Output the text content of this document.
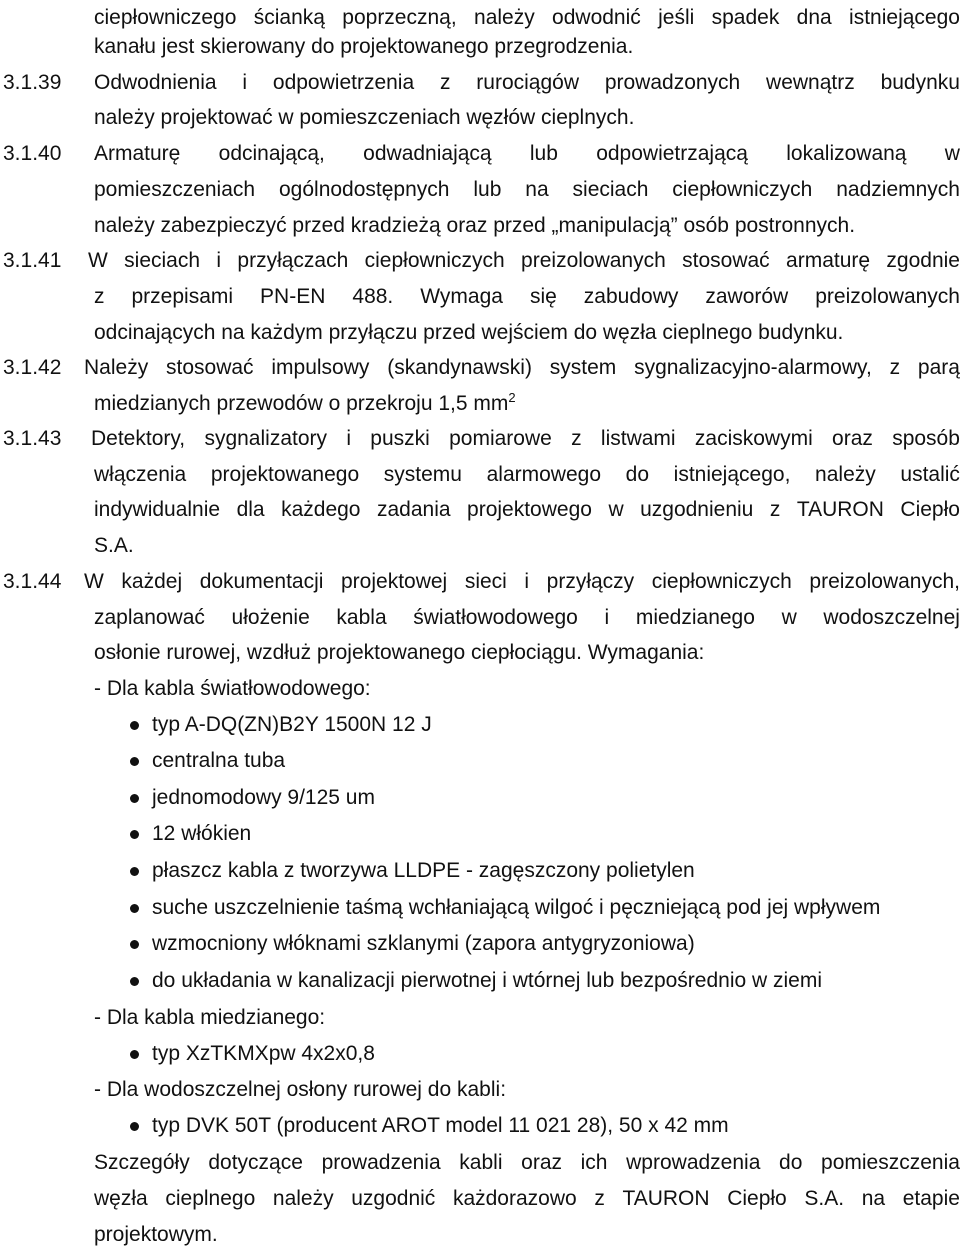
ciepłowniczego ścianką poprzeczną, należy odwodnić jeśli spadek dna istniejącego
kanału jest skierowany do projektowanego przegrodzenia.
3.1.39 Odwodnienia i odpowietrzenia z rurociągów prowadzonych wewnątrz budynku
należy projektować w pomieszczeniach węzłów cieplnych.
3.1.40 Armaturę odcinającą, odwadniającą lub odpowietrzającą lokalizowaną w
pomieszczeniach ogólnodostępnych lub na sieciach ciepłowniczych nadziemnych
należy zabezpieczyć przed kradzieżą oraz przed „manipulacją” osób postronnych.
3.1.41 W sieciach i przyłączach ciepłowniczych preizolowanych stosować armaturę zgodnie
z przepisami PN-EN 488. Wymaga się zabudowy zaworów preizolowanych
odcinających na każdym przyłączu przed wejściem do węzła cieplnego budynku.
3.1.42 Należy stosować impulsowy (skandynawski) system sygnalizacyjno-alarmowy, z parą
miedzianych przewodów o przekroju 1,5 $mm^2$
3.1.43 Detektory, sygnalizatory i puszki pomiarowe z listwami zaciskowymi oraz sposób
włączenia projektowanego systemu alarmowego do istniejącego, należy ustalić
indywidualnie dla każdego zadania projektowego w uzgodnieniu z TAURON Ciepło
S.A.
3.1.44 W każdej dokumentacji projektowej sieci i przyłączy ciepłowniczych preizolowanych,
zaplanować ułożenie kabla światłowodowego i miedzianego w wodoszczelnej
osłonie rurowej, wzdłuż projektowanego ciepłociągu. Wymagania:
- Dla kabla światłowodowego:
typ A-DQ(ZN)B2Y 1500N 12 J
centralna tuba
jednomodowy 9/125 um
12 włókien
płaszcz kabla z tworzywa LLDPE - zagęszczony polietylen
suche uszczelnienie taśmą wchłaniającą wilgoć i pęczniejącą pod jej wpływem
wzmocniony włóknami szklanymi (zapora antygryzoniowa)
do układania w kanalizacji pierwotnej i wtórnej lub bezpośrednio w ziemi
- Dla kabla miedzianego:
typ XzTKMXpw 4x2x0,8
- Dla wodoszczelnej osłony rurowej do kabli:
typ DVK 50T (producent AROT model 11 021 28), 50 x 42 mm
Szczegóły dotyczące prowadzenia kabli oraz ich wprowadzenia do pomieszczenia
węzła cieplnego należy uzgodnić każdorazowo z TAURON Ciepło S.A. na etapie
projektowym.
